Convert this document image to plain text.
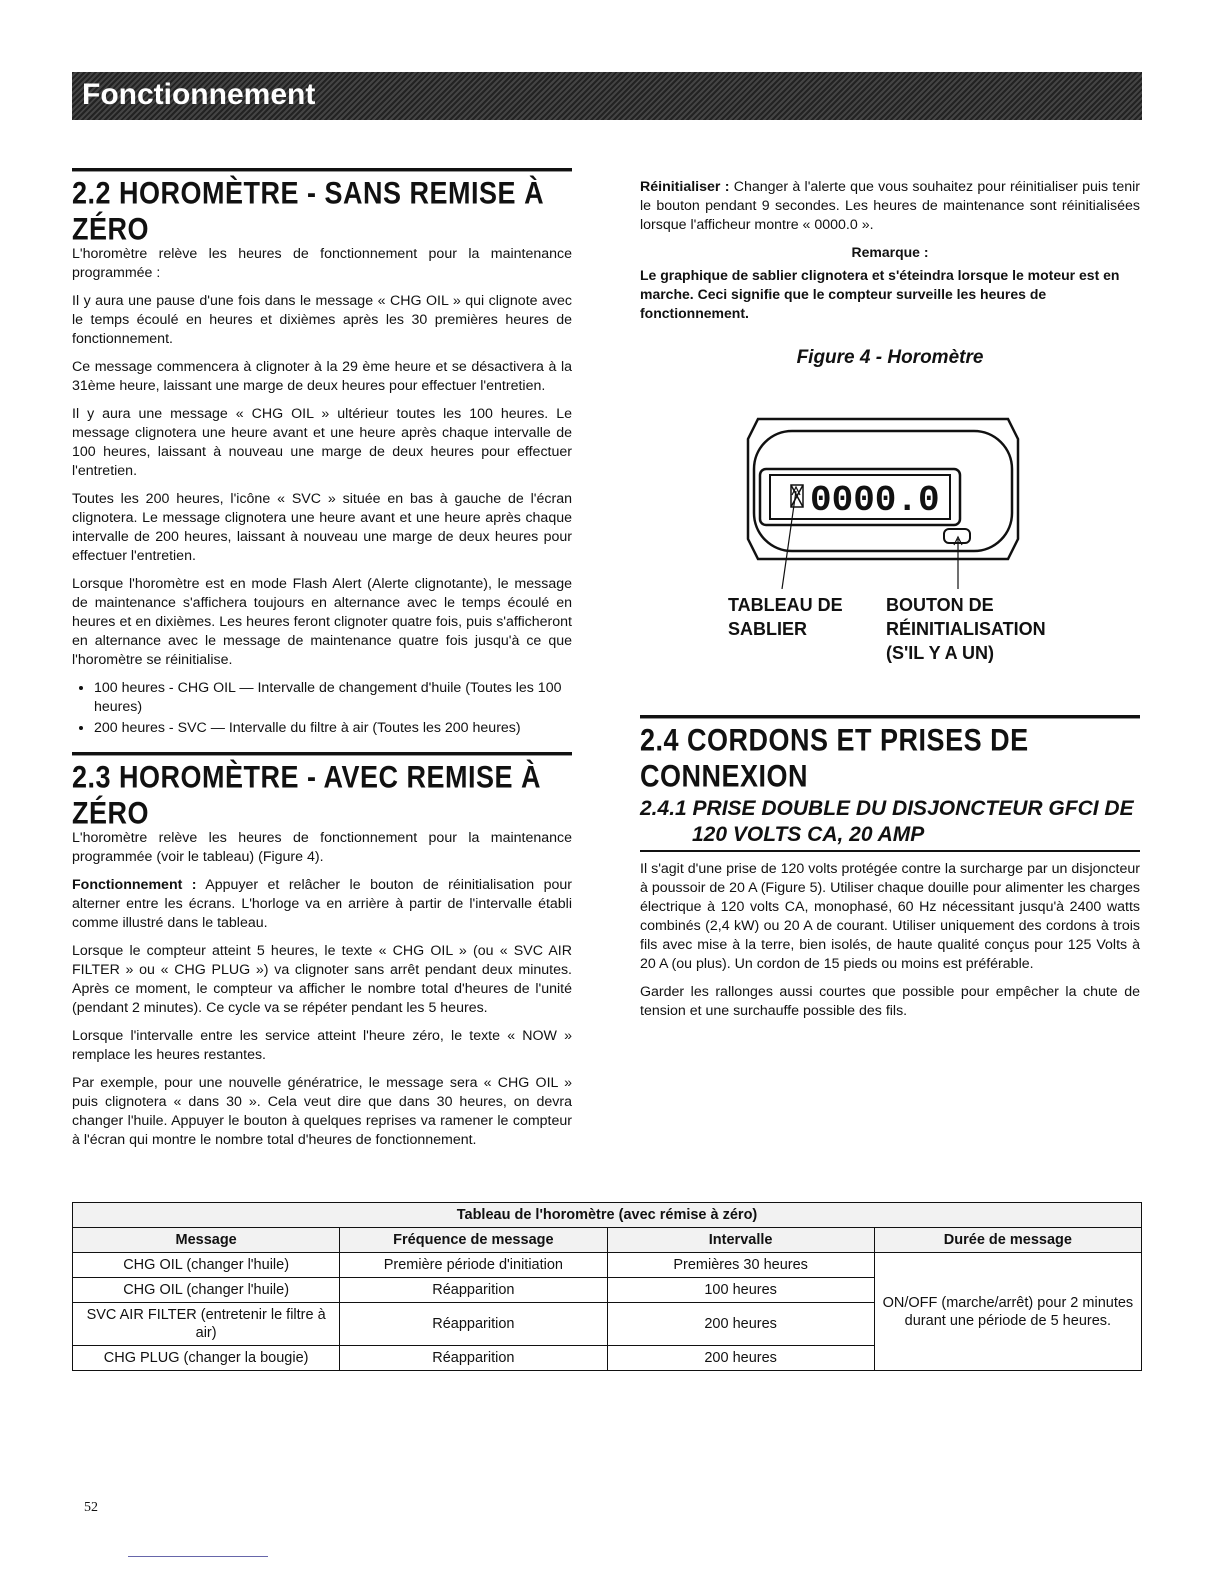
Fonctionnement
2.2 HOROMÈTRE - SANS REMISE À ZÉRO

L'horomètre relève les heures de fonctionnement pour la maintenance programmée :

Il y aura une pause d'une fois dans le message « CHG OIL » qui clignote avec le temps écoulé en heures et dixièmes après les 30 premières heures de fonctionnement.

Ce message commencera à clignoter à la 29 ème heure et se désactivera à la 31ème heure, laissant une marge de deux heures pour effectuer l'entretien.

Il y aura une message « CHG OIL » ultérieur toutes les 100 heures. Le message clignotera une heure avant et une heure après chaque intervalle de 100 heures, laissant à nouveau une marge de deux heures pour effectuer l'entretien.

Toutes les 200 heures, l'icône « SVC » située en bas à gauche de l'écran clignotera. Le message clignotera une heure avant et une heure après chaque intervalle de 200 heures, laissant à nouveau une marge de deux heures pour effectuer l'entretien.

Lorsque l'horomètre est en mode Flash Alert (Alerte clignotante), le message de maintenance s'affichera toujours en alternance avec le temps écoulé en heures et en dixièmes. Les heures feront clignoter quatre fois, puis s'afficheront en alternance avec le message de maintenance quatre fois jusqu'à ce que l'horomètre se réinitialise.

• 100 heures - CHG OIL — Intervalle de changement d'huile (Toutes les 100 heures)
• 200 heures - SVC — Intervalle du filtre à air (Toutes les 200 heures)
2.3 HOROMÈTRE - AVEC REMISE À ZÉRO

L'horomètre relève les heures de fonctionnement pour la maintenance programmée (voir le tableau) (Figure 4).

Fonctionnement : Appuyer et relâcher le bouton de réinitialisation pour alterner entre les écrans. L'horloge va en arrière à partir de l'intervalle établi comme illustré dans le tableau.

Lorsque le compteur atteint 5 heures, le texte « CHG OIL » (ou « SVC AIR FILTER » ou « CHG PLUG ») va clignoter sans arrêt pendant deux minutes. Après ce moment, le compteur va afficher le nombre total d'heures de l'unité (pendant 2 minutes). Ce cycle va se répéter pendant les 5 heures.

Lorsque l'intervalle entre les service atteint l'heure zéro, le texte « NOW » remplace les heures restantes.

Par exemple, pour une nouvelle génératrice, le message sera « CHG OIL » puis clignotera « dans 30 ». Cela veut dire que dans 30 heures, on devra changer l'huile. Appuyer le bouton à quelques reprises va ramener le compteur à l'écran qui montre le nombre total d'heures de fonctionnement.

Réinitialiser : Changer à l'alerte que vous souhaitez pour réinitialiser puis tenir le bouton pendant 9 secondes. Les heures de maintenance sont réinitialisées lorsque l'afficheur montre « 0000.0 ».

Remarque :
Le graphique de sablier clignotera et s'éteindra lorsque le moteur est en marche. Ceci signifie que le compteur surveille les heures de fonctionnement.
Figure 4 - Horomètre
0000.0
TABLEAU DE
SABLIER
BOUTON DE
RÉINITIALISATION
(S'IL Y A UN)
2.4 CORDONS ET PRISES DE CONNEXION
2.4.1 PRISE DOUBLE DU DISJONCTEUR GFCI DE
120 VOLTS CA, 20 AMP

Il s'agit d'une prise de 120 volts protégée contre la surcharge par un disjoncteur à poussoir de 20 A (Figure 5). Utiliser chaque douille pour alimenter les charges électrique à 120 volts CA, monophasé, 60 Hz nécessitant jusqu'à 2400 watts combinés (2,4 kW) ou 20 A de courant. Utiliser uniquement des cordons à trois fils avec mise à la terre, bien isolés, de haute qualité conçus pour 125 Volts à 20 A (ou plus). Un cordon de 15 pieds ou moins est préférable.

Garder les rallonges aussi courtes que possible pour empêcher la chute de tension et une surchauffe possible des fils.

Tableau de l'horomètre (avec rémise à zéro)			
Message	Fréquence de message	Intervalle	Durée de message
CHG OIL (changer l'huile)	Première période d'initiation	Premières 30 heures	ON/OFF (marche/arrêt) pour 2 minutes durant une période de 5 heures.
CHG OIL (changer l'huile)	Réapparition	100 heures	
SVC AIR FILTER (entretenir le filtre à air)	Réapparition	200 heures	
CHG PLUG (changer la bougie)	Réapparition	200 heures	
52
